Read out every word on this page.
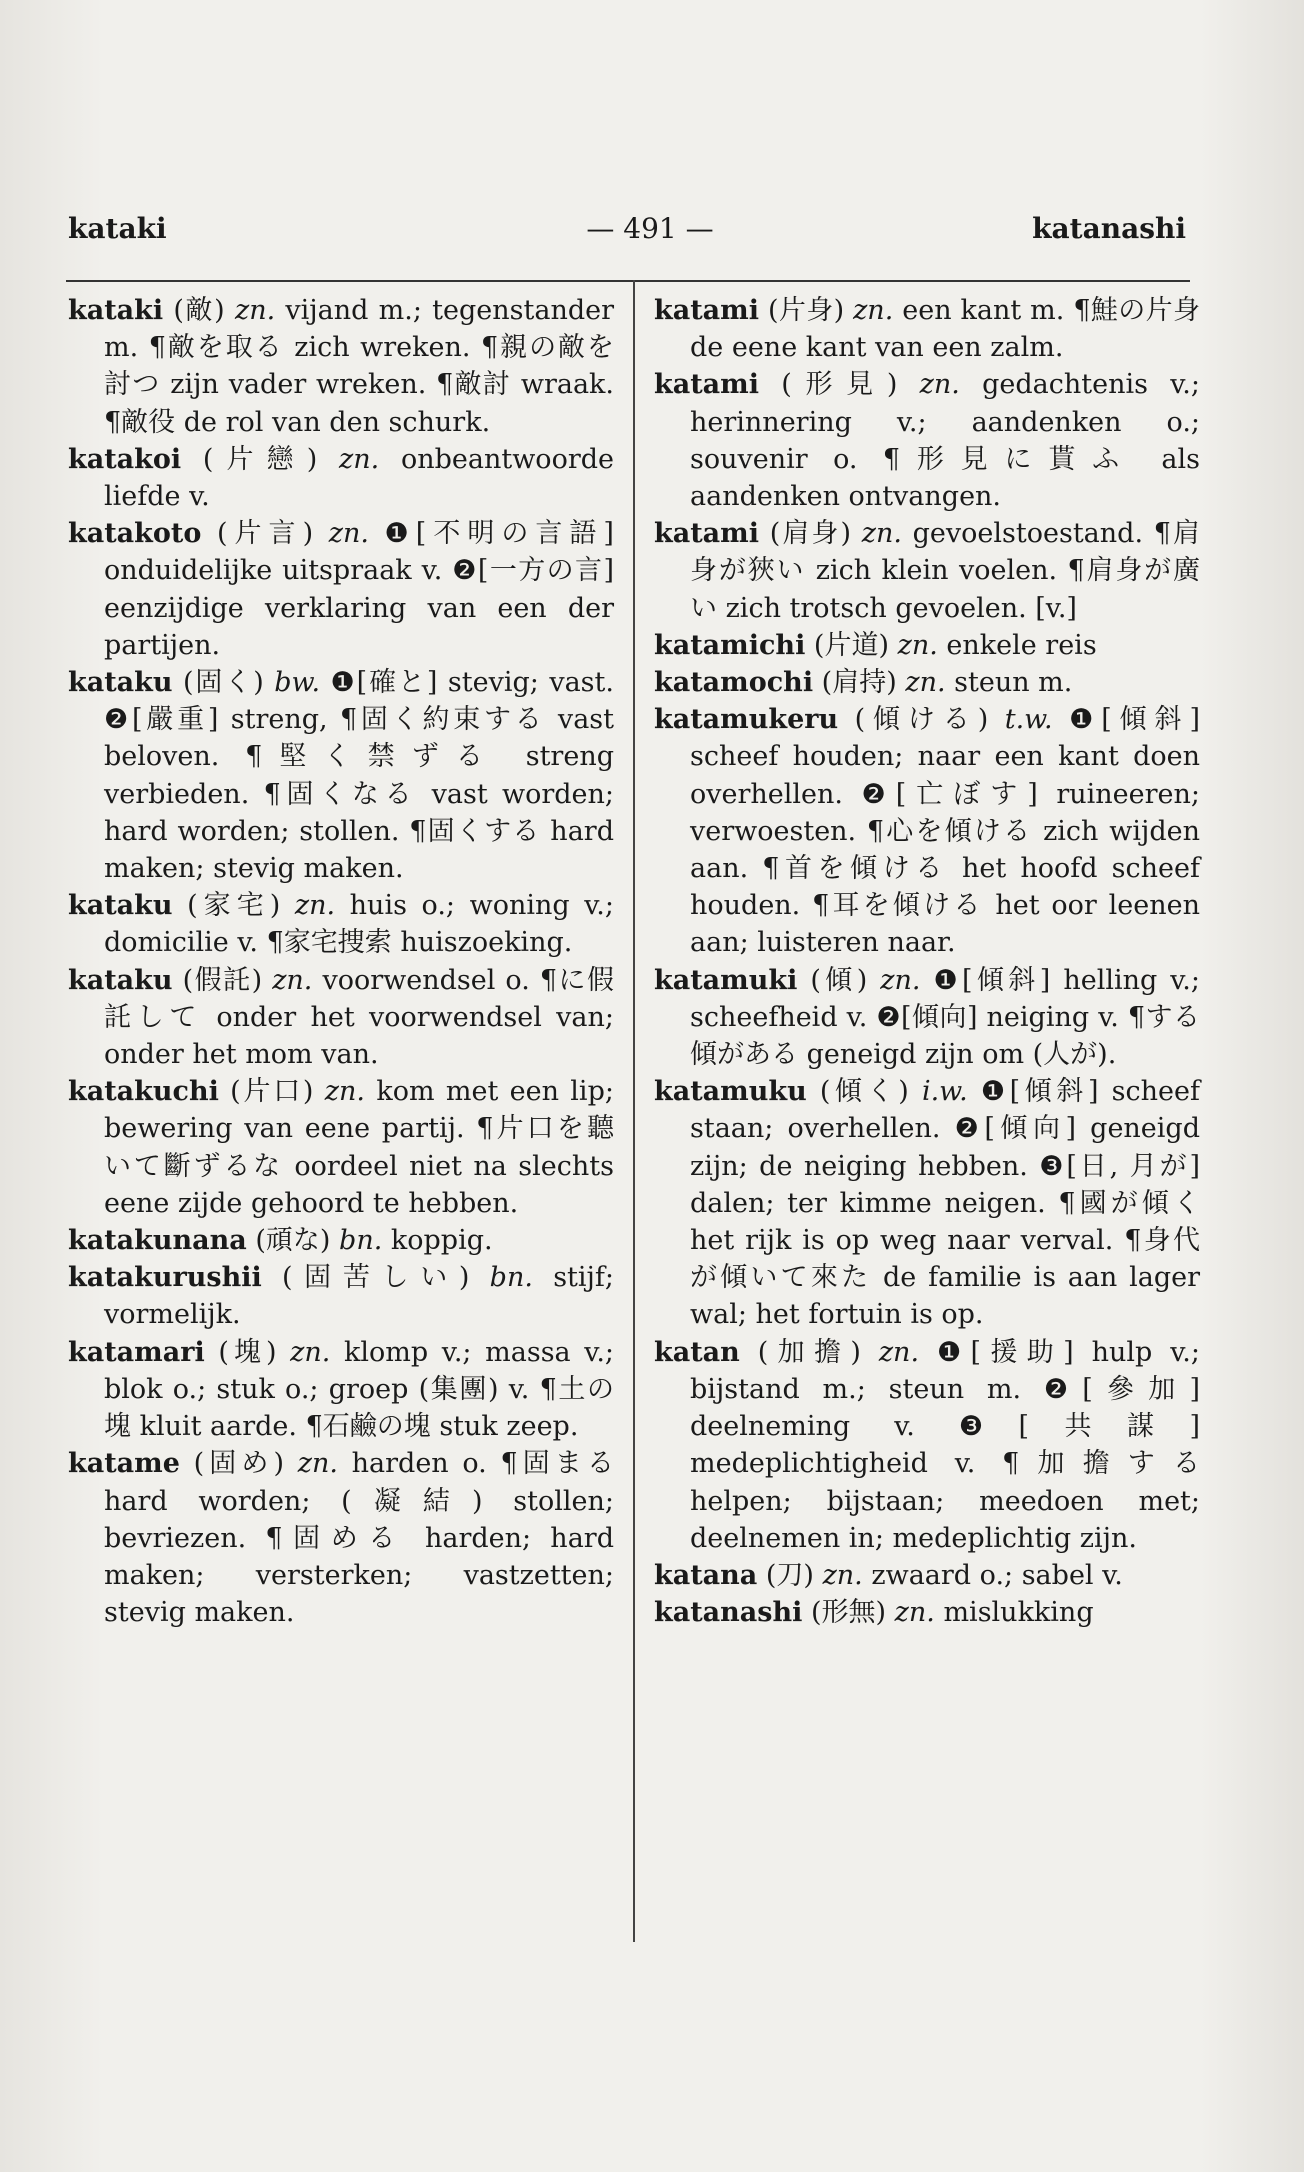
kataki	— 491 —	katanashi
kataki (敵) zn. vijand m.; tegenstander m. ¶敵を取る zich wreken. ¶親の敵を討つ zijn vader wreken. ¶敵討 wraak. ¶敵役 de rol van den schurk.
katakoi (片戀) zn. onbeantwoorde liefde v.
katakoto (片言) zn. ❶[不明の言語] onduidelijke uitspraak v. ❷[一方の言] eenzijdige verklaring van een der partijen.
kataku (固く) bw. ❶[確と] stevig; vast. ❷[嚴重] streng, ¶固く約束する vast beloven. ¶堅く禁ずる streng verbieden. ¶固くなる vast worden; hard worden; stollen. ¶固くする hard maken; stevig maken.
kataku (家宅) zn. huis o.; woning v.; domicilie v. ¶家宅捜索 huiszoeking.
kataku (假託) zn. voorwendsel o. ¶に假託して onder het voorwendsel van; onder het mom van.
katakuchi (片口) zn. kom met een lip; bewering van eene partij. ¶片口を聽いて斷ずるな oordeel niet na slechts eene zijde gehoord te hebben.
katakunana (頑な) bn. koppig.
katakurushii (固苦しい) bn. stijf; vormelijk.
katamari (塊) zn. klomp v.; massa v.; blok o.; stuk o.; groep (集團) v. ¶土の塊 kluit aarde. ¶石鹼の塊 stuk zeep.
katame (固め) zn. harden o. ¶固まる hard worden; (凝結) stollen; bevriezen. ¶固める harden; hard maken; versterken; vastzetten; stevig maken.
katami (片身) zn. een kant m. ¶鮭の片身 de eene kant van een zalm.
katami (形見) zn. gedachtenis v.; herinnering v.; aandenken o.; souvenir o. ¶形見に貰ふ als aandenken ontvangen.
katami (肩身) zn. gevoelstoestand. ¶肩身が狹い zich klein voelen. ¶肩身が廣い zich trotsch gevoelen. [v.]
katamichi (片道) zn. enkele reis
katamochi (肩持) zn. steun m.
katamukeru (傾ける) t.w. ❶[傾斜] scheef houden; naar een kant doen overhellen. ❷[亡ぼす] ruineeren; verwoesten. ¶心を傾ける zich wijden aan. ¶首を傾ける het hoofd scheef houden. ¶耳を傾ける het oor leenen aan; luisteren naar.
katamuki (傾) zn. ❶[傾斜] helling v.; scheefheid v. ❷[傾向] neiging v. ¶する傾がある geneigd zijn om (人が).
katamuku (傾く) i.w. ❶[傾斜] scheef staan; overhellen. ❷[傾向] geneigd zijn; de neiging hebben. ❸[日, 月が] dalen; ter kimme neigen. ¶國が傾く het rijk is op weg naar verval. ¶身代が傾いて來た de familie is aan lager wal; het fortuin is op.
katan (加擔) zn. ❶[援助] hulp v.; bijstand m.; steun m. ❷[參加] deelneming v. ❸[共謀] medeplichtigheid v. ¶加擔する helpen; bijstaan; meedoen met; deelnemen in; medeplichtig zijn.
katana (刀) zn. zwaard o.; sabel v.
katanashi (形無) zn. mislukking
